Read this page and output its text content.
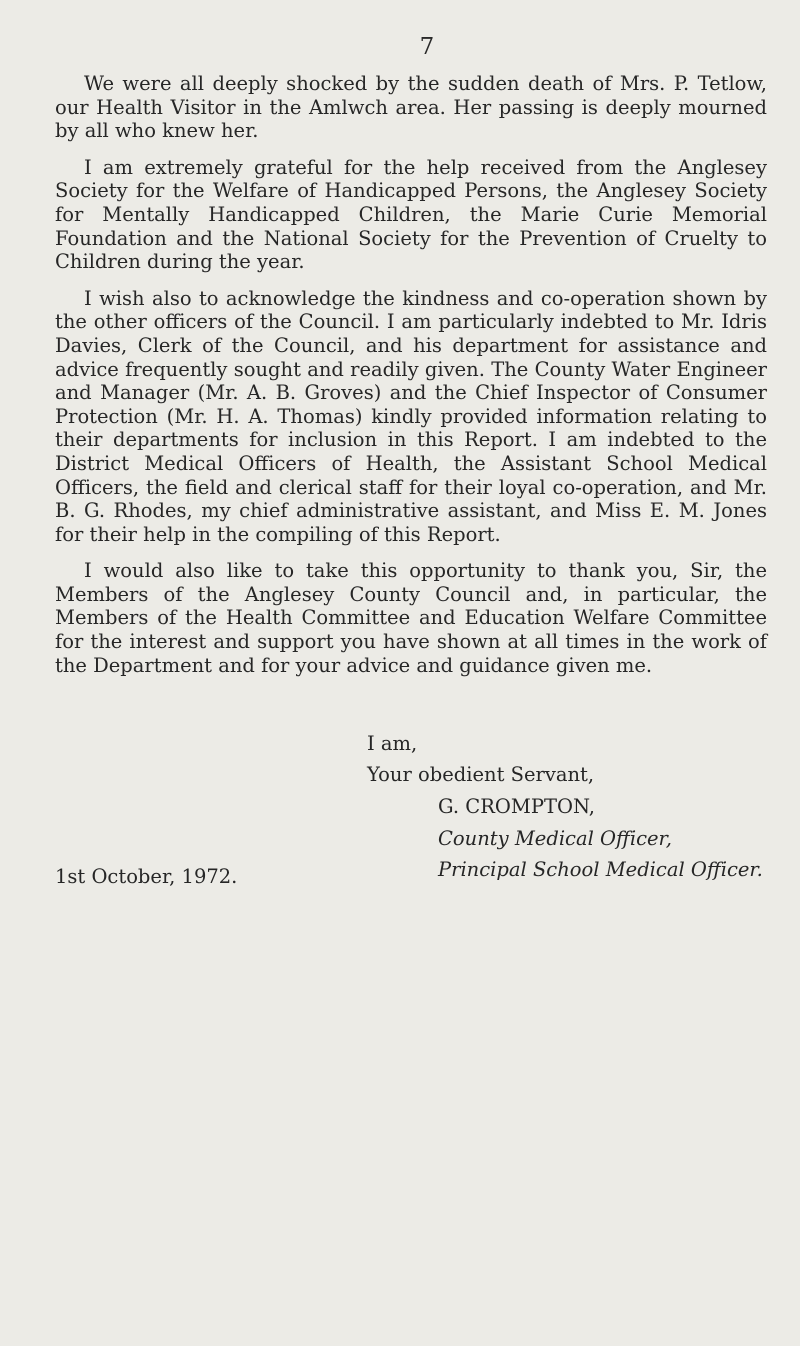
7

We were all deeply shocked by the sudden death of Mrs. P. Tetlow, our Health Visitor in the Amlwch area. Her passing is deeply mourned by all who knew her.

I am extremely grateful for the help received from the Anglesey Society for the Welfare of Handicapped Persons, the Anglesey Society for Mentally Handicapped Children, the Marie Curie Memorial Foundation and the National Society for the Prevention of Cruelty to Children during the year.

I wish also to acknowledge the kindness and co-operation shown by the other officers of the Council. I am particularly indebted to Mr. Idris Davies, Clerk of the Council, and his department for assistance and advice frequently sought and readily given. The County Water Engineer and Manager (Mr. A. B. Groves) and the Chief Inspector of Consumer Protection (Mr. H. A. Thomas) kindly provided information relating to their departments for inclusion in this Report. I am indebted to the District Medical Officers of Health, the Assistant School Medical Officers, the field and clerical staff for their loyal co-operation, and Mr. B. G. Rhodes, my chief administrative assistant, and Miss E. M. Jones for their help in the compiling of this Report.

I would also like to take this opportunity to thank you, Sir, the Members of the Anglesey County Council and, in particular, the Members of the Health Committee and Education Welfare Committee for the interest and support you have shown at all times in the work of the Department and for your advice and guidance given me.

I am,
Your obedient Servant,
G. CROMPTON,
County Medical Officer,
Principal School Medical Officer.
1st October, 1972.
